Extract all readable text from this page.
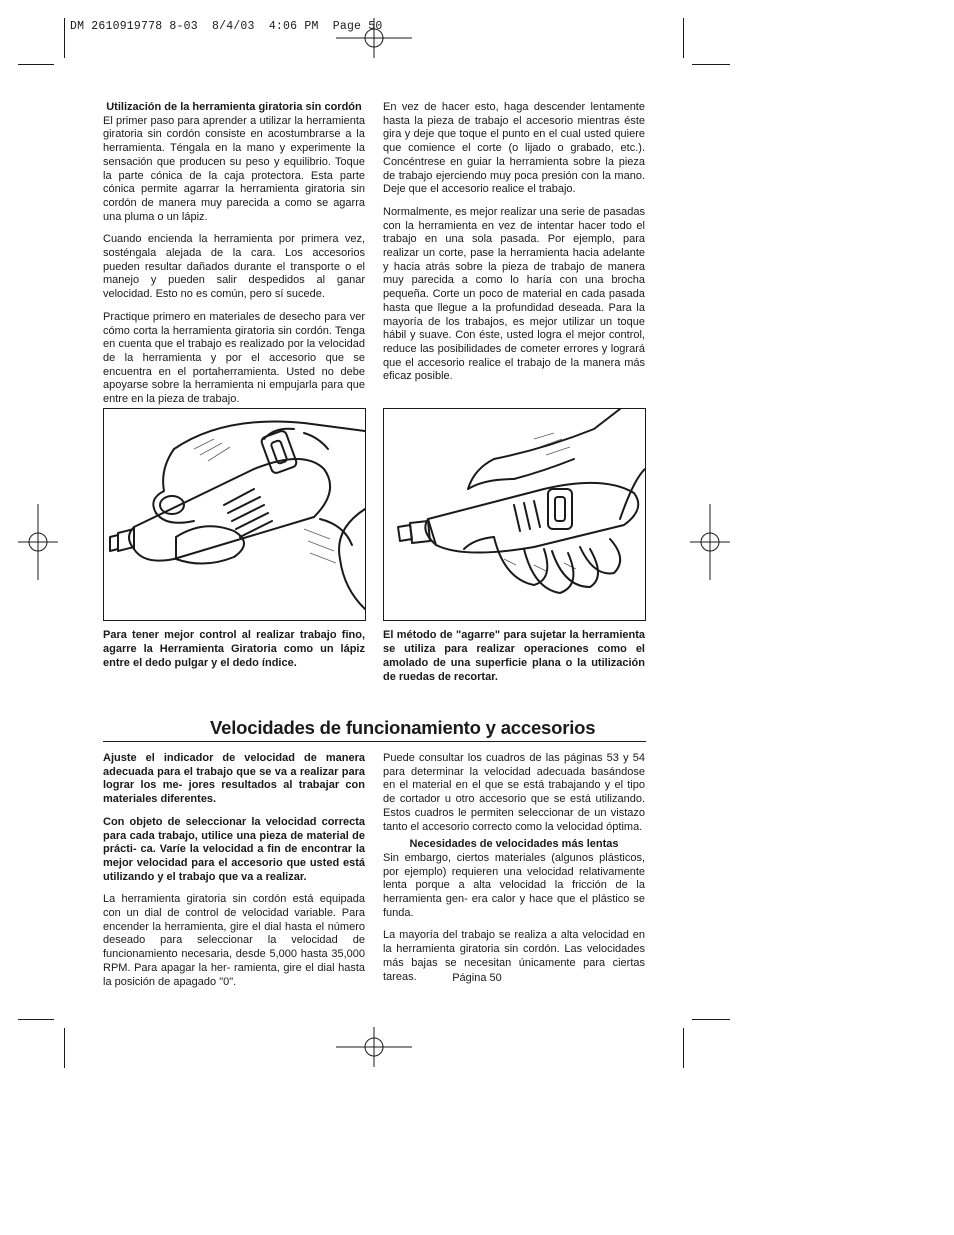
DM 2610919778 8-03  8/4/03  4:06 PM  Page 50
Utilización de la herramienta giratoria sin cordón

El primer paso para aprender a utilizar la herramienta giratoria sin cordón consiste en acostumbrarse a la herramienta. Téngala en la mano y experimente la sensación que producen su peso y equilibrio. Toque la parte cónica de la caja protectora. Esta parte cónica permite agarrar la herramienta giratoria sin cordón de manera muy parecida a como se agarra una pluma o un lápiz.

Cuando encienda la herramienta por primera vez, sosténgala alejada de la cara. Los accesorios pueden resultar dañados durante el transporte o el manejo y pueden salir despedidos al ganar velocidad. Esto no es común, pero sí sucede.

Practique primero en materiales de desecho para ver cómo corta la herramienta giratoria sin cordón. Tenga en cuenta que el trabajo es realizado por la velocidad de la herramienta y por el accesorio que se encuentra en el portaherramienta. Usted no debe apoyarse sobre la herramienta ni empujarla para que entre en la pieza de trabajo.

En vez de hacer esto, haga descender lentamente hasta la pieza de trabajo el accesorio mientras éste gira y deje que toque el punto en el cual usted quiere que comience el corte (o lijado o grabado, etc.). Concéntrese en guiar la herramienta sobre la pieza de trabajo ejerciendo muy poca presión con la mano. Deje que el accesorio realice el trabajo.

Normalmente, es mejor realizar una serie de pasadas con la herramienta en vez de intentar hacer todo el trabajo en una sola pasada. Por ejemplo, para realizar un corte, pase la herramienta hacia adelante y hacia atrás sobre la pieza de trabajo de manera muy parecida a como lo haría con una brocha pequeña. Corte un poco de material en cada pasada hasta que llegue a la profundidad deseada. Para la mayoría de los trabajos, es mejor utilizar un toque hábil y suave. Con éste, usted logra el mejor control, reduce las posibilidades de cometer errores y logrará que el accesorio realice el trabajo de la manera más eficaz posible.

Para tener mejor control al realizar trabajo fino, agarre la Herramienta Giratoria como un lápiz entre el dedo pulgar y el dedo índice.
El método de "agarre" para sujetar la herramienta se utiliza para realizar operaciones como el amolado de una superficie plana o la utilización de ruedas de recortar.
Velocidades de funcionamiento y accesorios

Ajuste el indicador de velocidad de manera adecuada para el trabajo que se va a realizar para lograr los me- jores resultados al trabajar con materiales diferentes.

Con objeto de seleccionar la velocidad correcta para cada trabajo, utilice una pieza de material de prácti- ca. Varíe la velocidad a fin de encontrar la mejor velocidad para el accesorio que usted está utilizando y el trabajo que va a realizar.

La herramienta giratoria sin cordón está equipada con un dial de control de velocidad variable. Para encender la herramienta, gire el dial hasta el número deseado para seleccionar la velocidad de funcionamiento necesaria, desde 5,000 hasta 35,000 RPM. Para apagar la her- ramienta, gire el dial hasta la posición de apagado "0".

Puede consultar los cuadros de las páginas 53 y 54 para determinar la velocidad adecuada basándose en el material en el que se está trabajando y el tipo de cortador u otro accesorio que se está utilizando. Estos cuadros le permiten seleccionar de un vistazo tanto el accesorio correcto como la velocidad óptima.

Necesidades de velocidades más lentas

Sin embargo, ciertos materiales (algunos plásticos, por ejemplo) requieren una velocidad relativamente lenta porque a alta velocidad la fricción de la herramienta gen- era calor y hace que el plástico se funda.

La mayoría del trabajo se realiza a alta velocidad en la herramienta giratoria sin cordón. Las velocidades más bajas se necesitan únicamente para ciertas tareas.	Página 50
